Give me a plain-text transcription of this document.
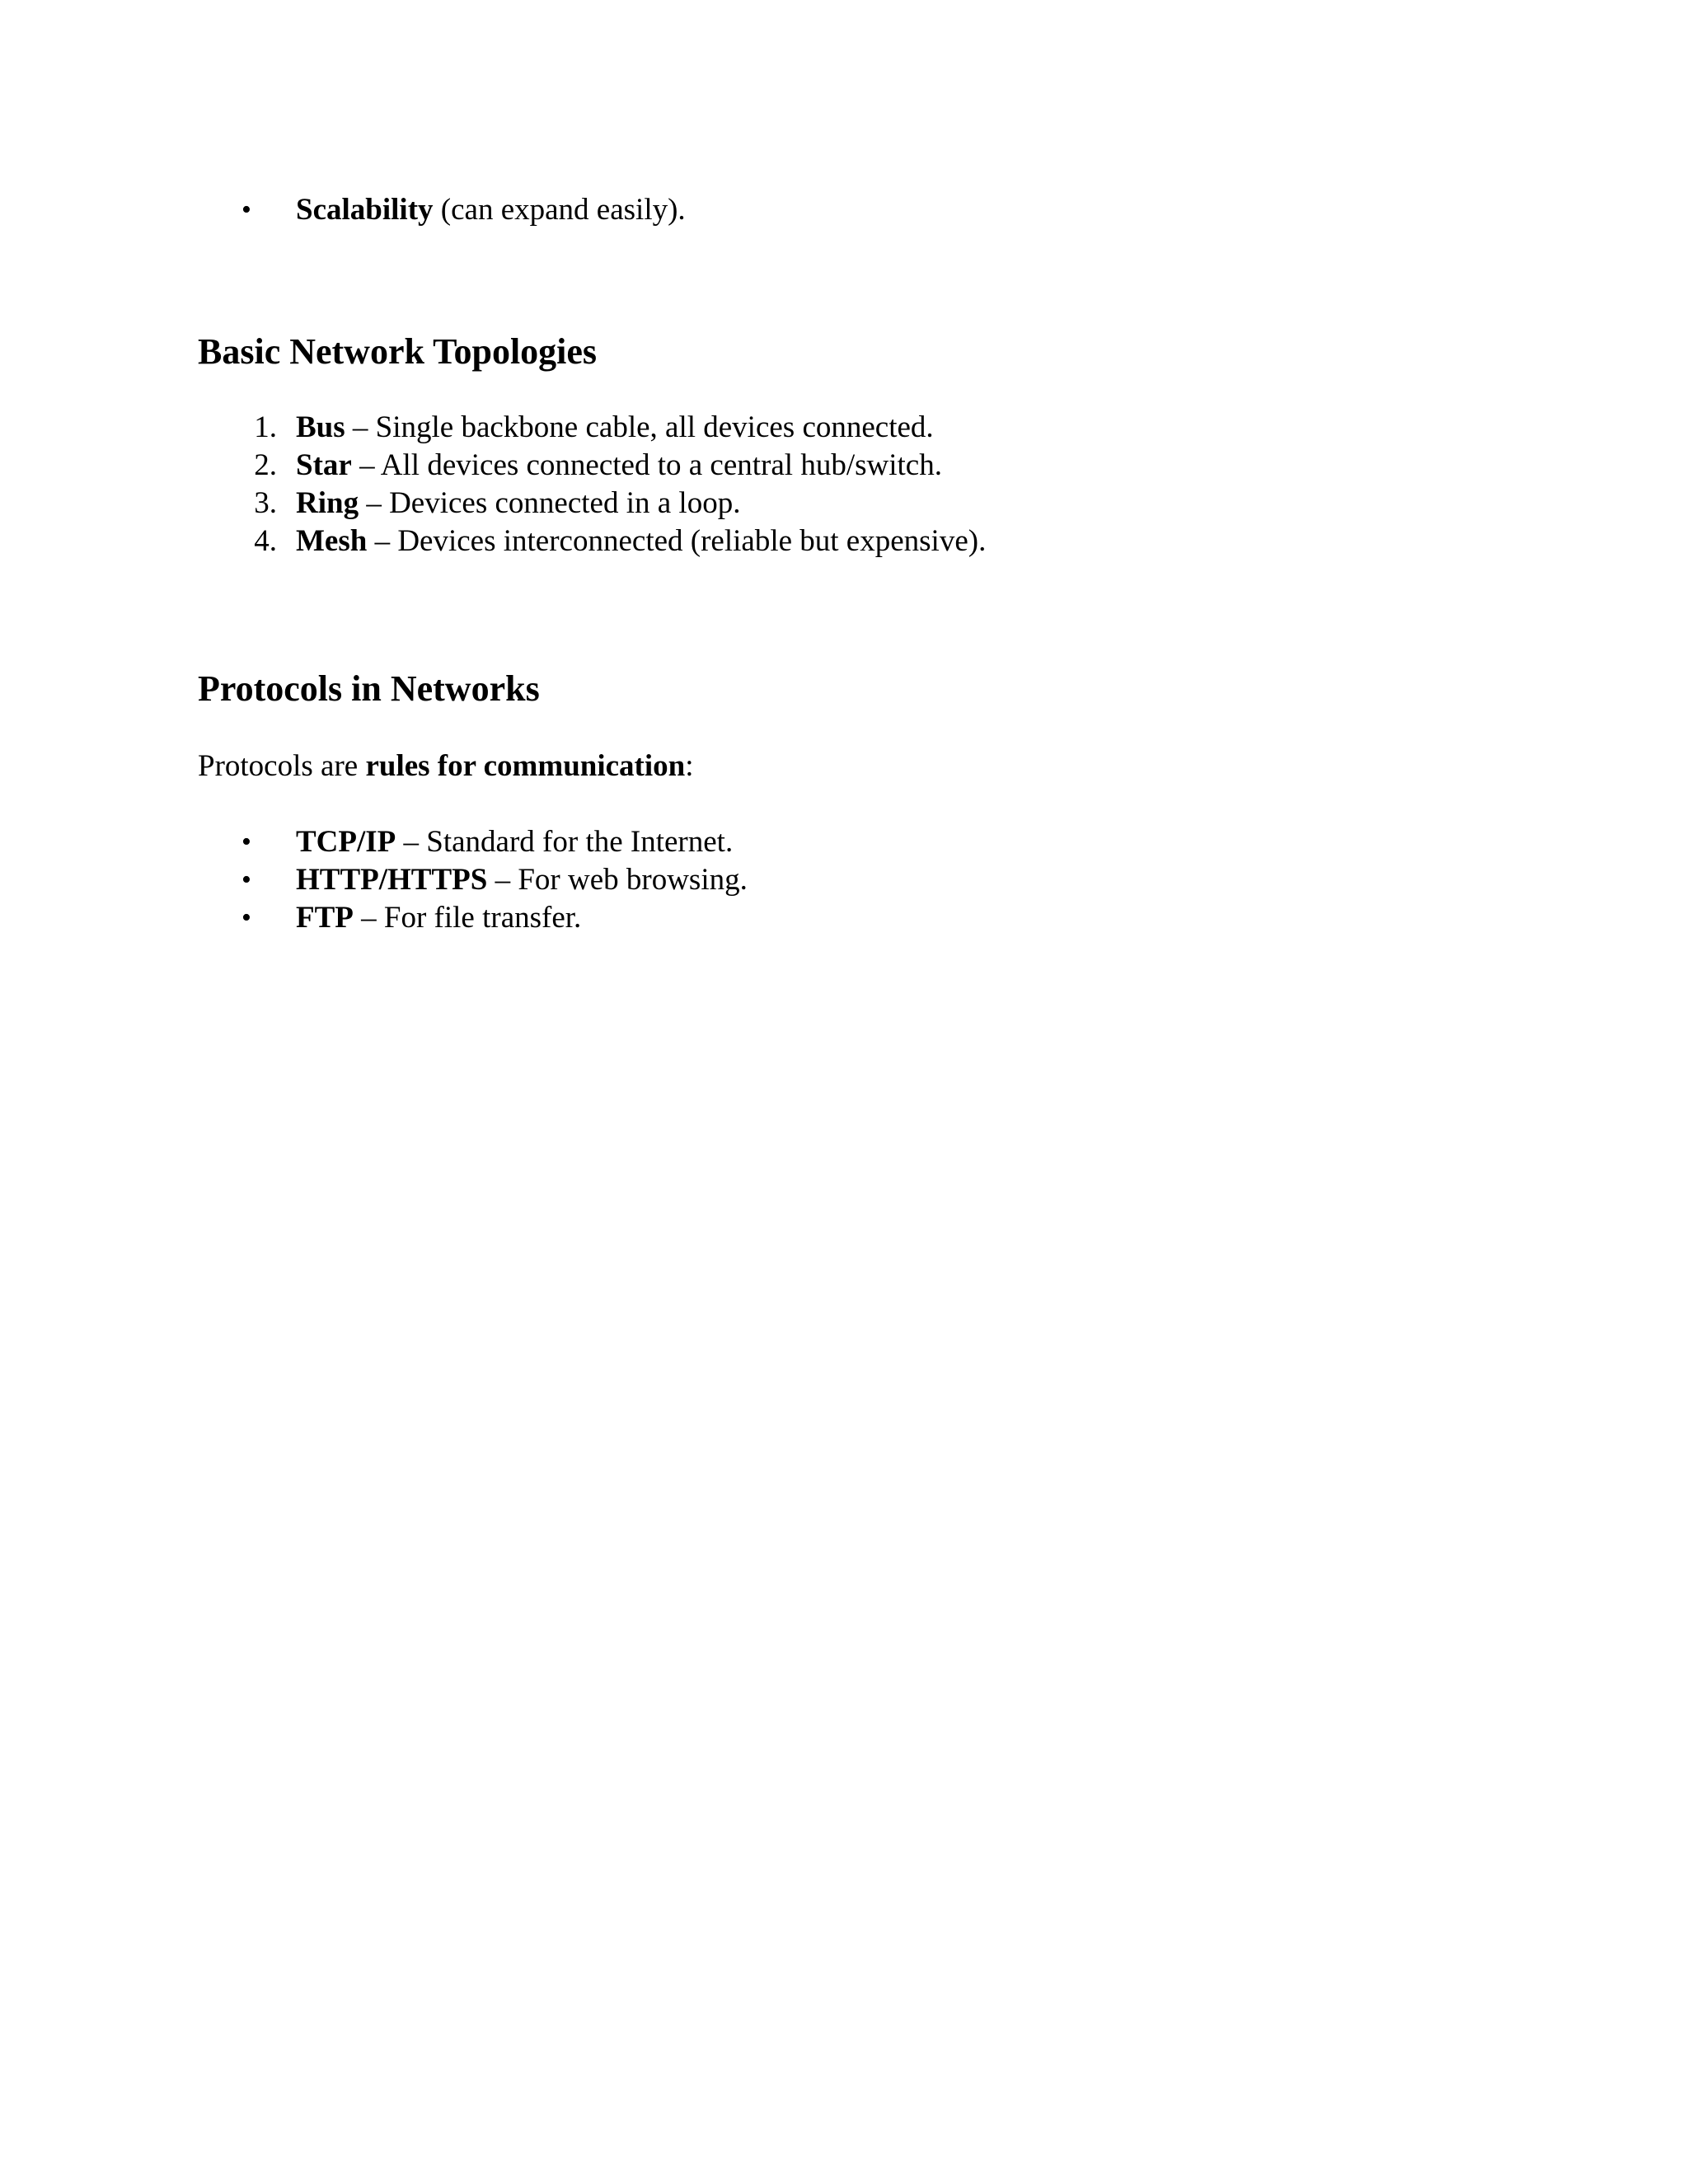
• Scalability (can expand easily).
Basic Network Topologies
1. Bus – Single backbone cable, all devices connected.
2. Star – All devices connected to a central hub/switch.
3. Ring – Devices connected in a loop.
4. Mesh – Devices interconnected (reliable but expensive).
Protocols in Networks

Protocols are rules for communication:

• TCP/IP – Standard for the Internet.
• HTTP/HTTPS – For web browsing.
• FTP – For file transfer.
